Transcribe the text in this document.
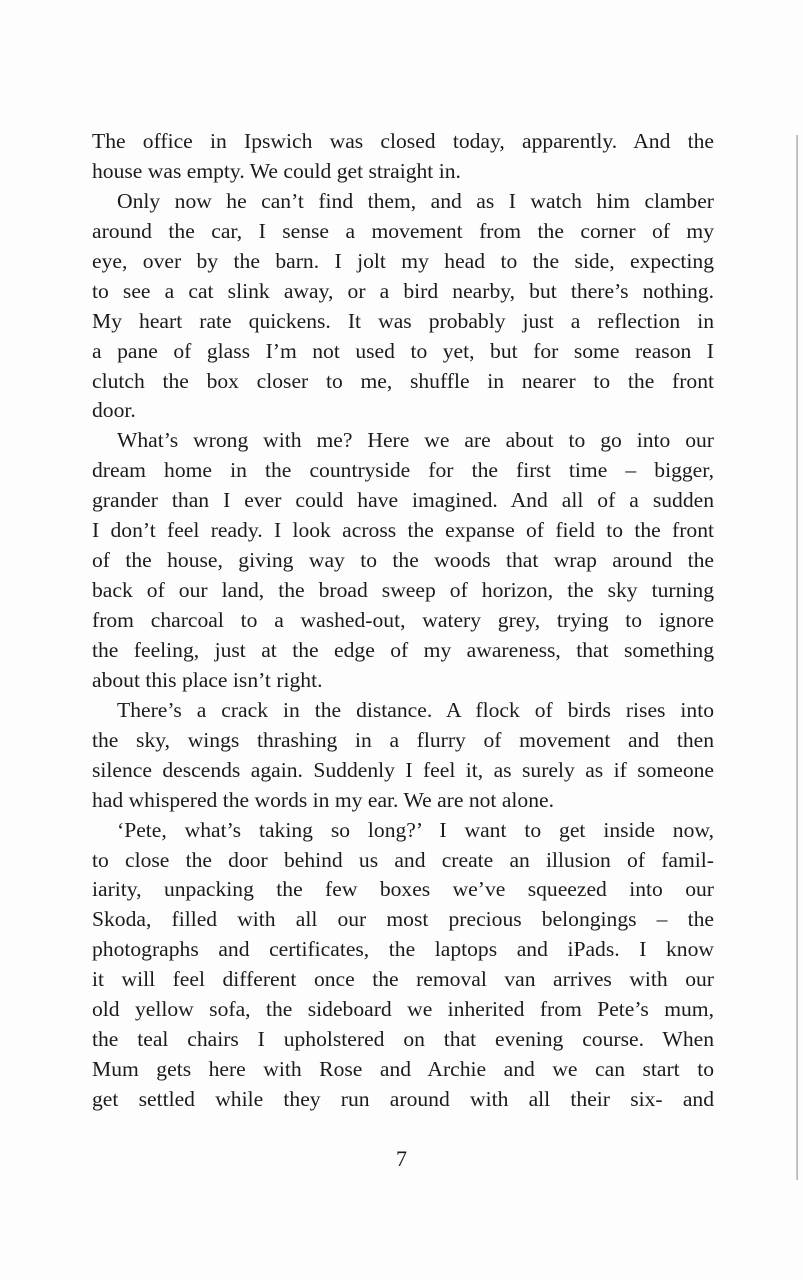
The office in Ipswich was closed today, apparently. And the
house was empty. We could get straight in.
Only now he can’t find them, and as I watch him clamber
around the car, I sense a movement from the corner of my
eye, over by the barn. I jolt my head to the side, expecting
to see a cat slink away, or a bird nearby, but there’s nothing.
My heart rate quickens. It was probably just a reflection in
a pane of glass I’m not used to yet, but for some reason I
clutch the box closer to me, shuffle in nearer to the front
door.
What’s wrong with me? Here we are about to go into our
dream home in the countryside for the first time – bigger,
grander than I ever could have imagined. And all of a sudden
I don’t feel ready. I look across the expanse of field to the front
of the house, giving way to the woods that wrap around the
back of our land, the broad sweep of horizon, the sky turning
from charcoal to a washed-out, watery grey, trying to ignore
the feeling, just at the edge of my awareness, that something
about this place isn’t right.
There’s a crack in the distance. A flock of birds rises into
the sky, wings thrashing in a flurry of movement and then
silence descends again. Suddenly I feel it, as surely as if someone
had whispered the words in my ear. We are not alone.
‘Pete, what’s taking so long?’ I want to get inside now,
to close the door behind us and create an illusion of famil-
iarity, unpacking the few boxes we’ve squeezed into our
Skoda, filled with all our most precious belongings – the
photographs and certificates, the laptops and iPads. I know
it will feel different once the removal van arrives with our
old yellow sofa, the sideboard we inherited from Pete’s mum,
the teal chairs I upholstered on that evening course. When
Mum gets here with Rose and Archie and we can start to
get settled while they run around with all their six- and
7
